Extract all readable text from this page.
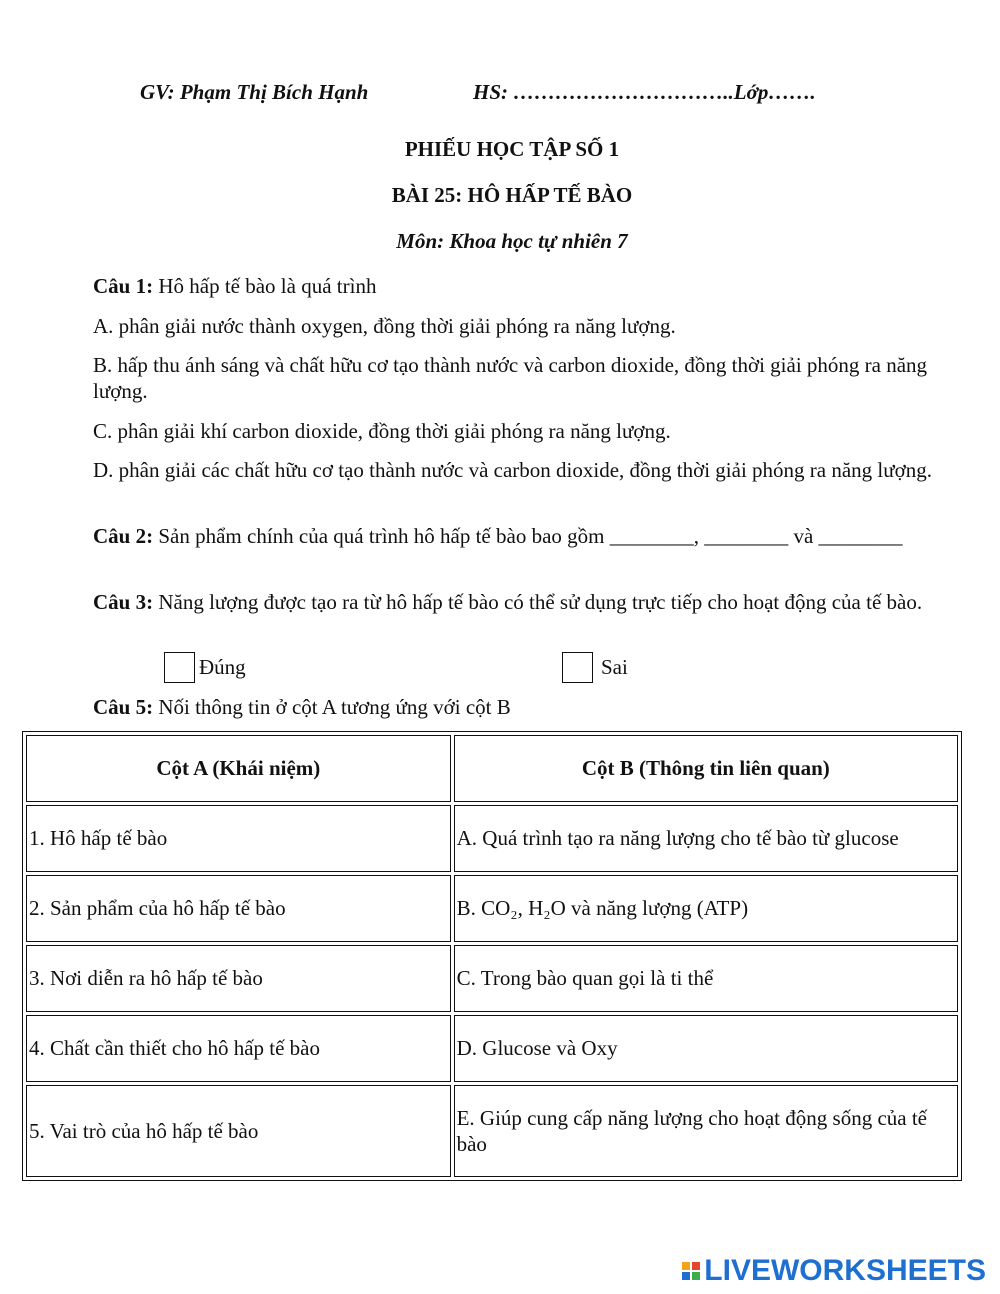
GV: Phạm Thị Bích Hạnh	HS: …………………………..Lớp…….
PHIẾU HỌC TẬP SỐ 1
BÀI 25: HÔ HẤP TẾ BÀO
Môn: Khoa học tự nhiên 7
Câu 1: Hô hấp tế bào là quá trình
A. phân giải nước thành oxygen, đồng thời giải phóng ra năng lượng.
B. hấp thu ánh sáng và chất hữu cơ tạo thành nước và carbon dioxide, đồng thời giải phóng ra năng lượng.
C. phân giải khí carbon dioxide, đồng thời giải phóng ra năng lượng.
D. phân giải các chất hữu cơ tạo thành nước và carbon dioxide, đồng thời giải phóng ra năng lượng.
Câu 2: Sản phẩm chính của quá trình hô hấp tế bào bao gồm ________, ________ và ________
Câu 3: Năng lượng được tạo ra từ hô hấp tế bào có thể sử dụng trực tiếp cho hoạt động của tế bào.
Đúng	Sai
Câu 5: Nối thông tin ở cột A tương ứng với cột B
Cột A (Khái niệm)	Cột B (Thông tin liên quan)
1. Hô hấp tế bào	A. Quá trình tạo ra năng lượng cho tế bào từ glucose
2. Sản phẩm của hô hấp tế bào	B. CO₂, H₂O và năng lượng (ATP)
3. Nơi diễn ra hô hấp tế bào	C. Trong bào quan gọi là ti thể
4. Chất cần thiết cho hô hấp tế bào	D. Glucose và Oxy
5. Vai trò của hô hấp tế bào	E. Giúp cung cấp năng lượng cho hoạt động sống của tế bào
LIVEWORKSHEETS
